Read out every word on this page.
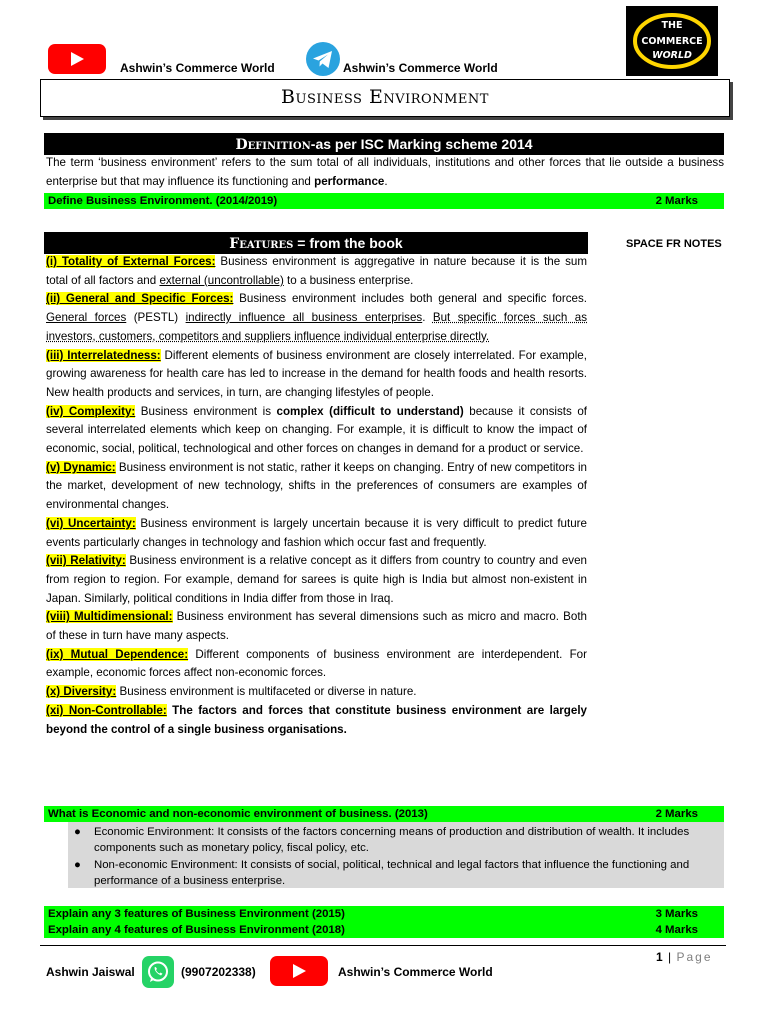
Ashwin’s Commerce World	Ashwin’s Commerce World
THE
COMMERCE
WORLD
Business Environment
Definition-as per ISC Marking scheme 2014
The term ‘business environment’ refers to the sum total of all individuals, institutions and other forces that lie outside a business enterprise but that may influence its functioning and performance.
Define Business Environment. (2014/2019)	2 Marks
Features = from the book	SPACE FR NOTES

(i) Totality of External Forces: Business environment is aggregative in nature because it is the sum total of all factors and external (uncontrollable) to a business enterprise.

(ii) General and Specific Forces: Business environment includes both general and specific forces. General forces (PESTL) indirectly influence all business enterprises. But specific forces such as investors, customers, competitors and suppliers influence individual enterprise directly.

(iii) Interrelatedness: Different elements of business environment are closely interrelated. For example, growing awareness for health care has led to increase in the demand for health foods and health resorts. New health products and services, in turn, are changing lifestyles of people.

(iv) Complexity: Business environment is complex (difficult to understand) because it consists of several interrelated elements which keep on changing. For example, it is difficult to know the impact of economic, social, political, technological and other forces on changes in demand for a product or service.

(v) Dynamic: Business environment is not static, rather it keeps on changing. Entry of new competitors in the market, development of new technology, shifts in the preferences of consumers are examples of environmental changes.

(vi) Uncertainty: Business environment is largely uncertain because it is very difficult to predict future events particularly changes in technology and fashion which occur fast and frequently.

(vii) Relativity: Business environment is a relative concept as it differs from country to country and even from region to region. For example, demand for sarees is quite high is India but almost non-existent in Japan. Similarly, political conditions in India differ from those in Iraq.

(viii) Multidimensional: Business environment has several dimensions such as micro and macro. Both of these in turn have many aspects.

(ix) Mutual Dependence: Different components of business environment are interdependent. For example, economic forces affect non-economic forces.

(x) Diversity: Business environment is multifaceted or diverse in nature.

(xi) Non-Controllable: The factors and forces that constitute business environment are largely beyond the control of a single business organisations.

What is Economic and non-economic environment of business. (2013)	2 Marks
● Economic Environment: It consists of the factors concerning means of production and distribution of wealth. It includes components such as monetary policy, fiscal policy, etc.
● Non-economic Environment: It consists of social, political, technical and legal factors that influence the functioning and performance of a business enterprise.
Explain any 3 features of Business Environment (2015)	3 Marks
Explain any 4 features of Business Environment (2018)	4 Marks
1 | Page
Ashwin Jaiswal	(9907202338)	Ashwin’s Commerce World
